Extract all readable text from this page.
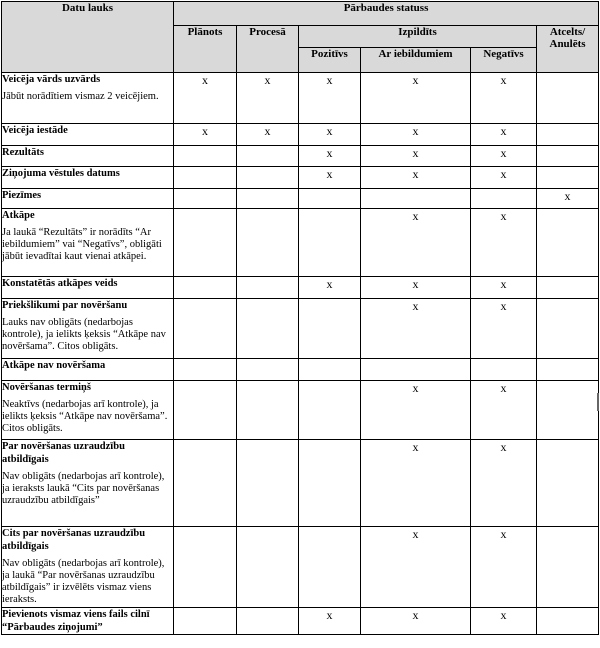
Datu lauks	Pārbaudes statuss					
	Plānots	Procesā	Izpildīts			Atcelts/ Anulēts
			Pozitīvs	Ar iebildumiem	Negatīvs	

Veicēja vārds uzvārds
Jābūt norādītiem vismaz 2 veicējiem.	x	x	x	x	x	

Veicēja iestāde	x	x	x	x	x	

Rezultāts			x	x	x	

Ziņojuma vēstules datums			x	x	x	

Piezīmes						x

Atkāpe
Ja laukā “Rezultāts” ir norādīts “Ar iebildumiem” vai “Negatīvs”, obligāti jābūt ievadītai kaut vienai atkāpei.				x	x	

Konstatētās atkāpes veids			x	x	x	

Priekšlikumi par novēršanu
Lauks nav obligāts (nedarbojas kontrole), ja ielikts ķeksis “Atkāpe nav novēršama”. Citos obligāts.				x	x	

Atkāpe nav novēršama						

Novēršanas termiņš
Neaktīvs (nedarbojas arī kontrole), ja ielikts ķeksis “Atkāpe nav novēršama”. Citos obligāts.				x	x	

Par novēršanas uzraudzību atbildīgais
Nav obligāts (nedarbojas arī kontrole), ja ieraksts laukā “Cits par novēršanas uzraudzību atbildīgais”				x	x	

Cits par novēršanas uzraudzību atbildīgais
Nav obligāts (nedarbojas arī kontrole), ja laukā “Par novēršanas uzraudzību atbildīgais” ir izvēlēts vismaz viens ieraksts.				x	x	

Pievienots vismaz viens fails cilnī “Pārbaudes ziņojumi”			x	x	x	
